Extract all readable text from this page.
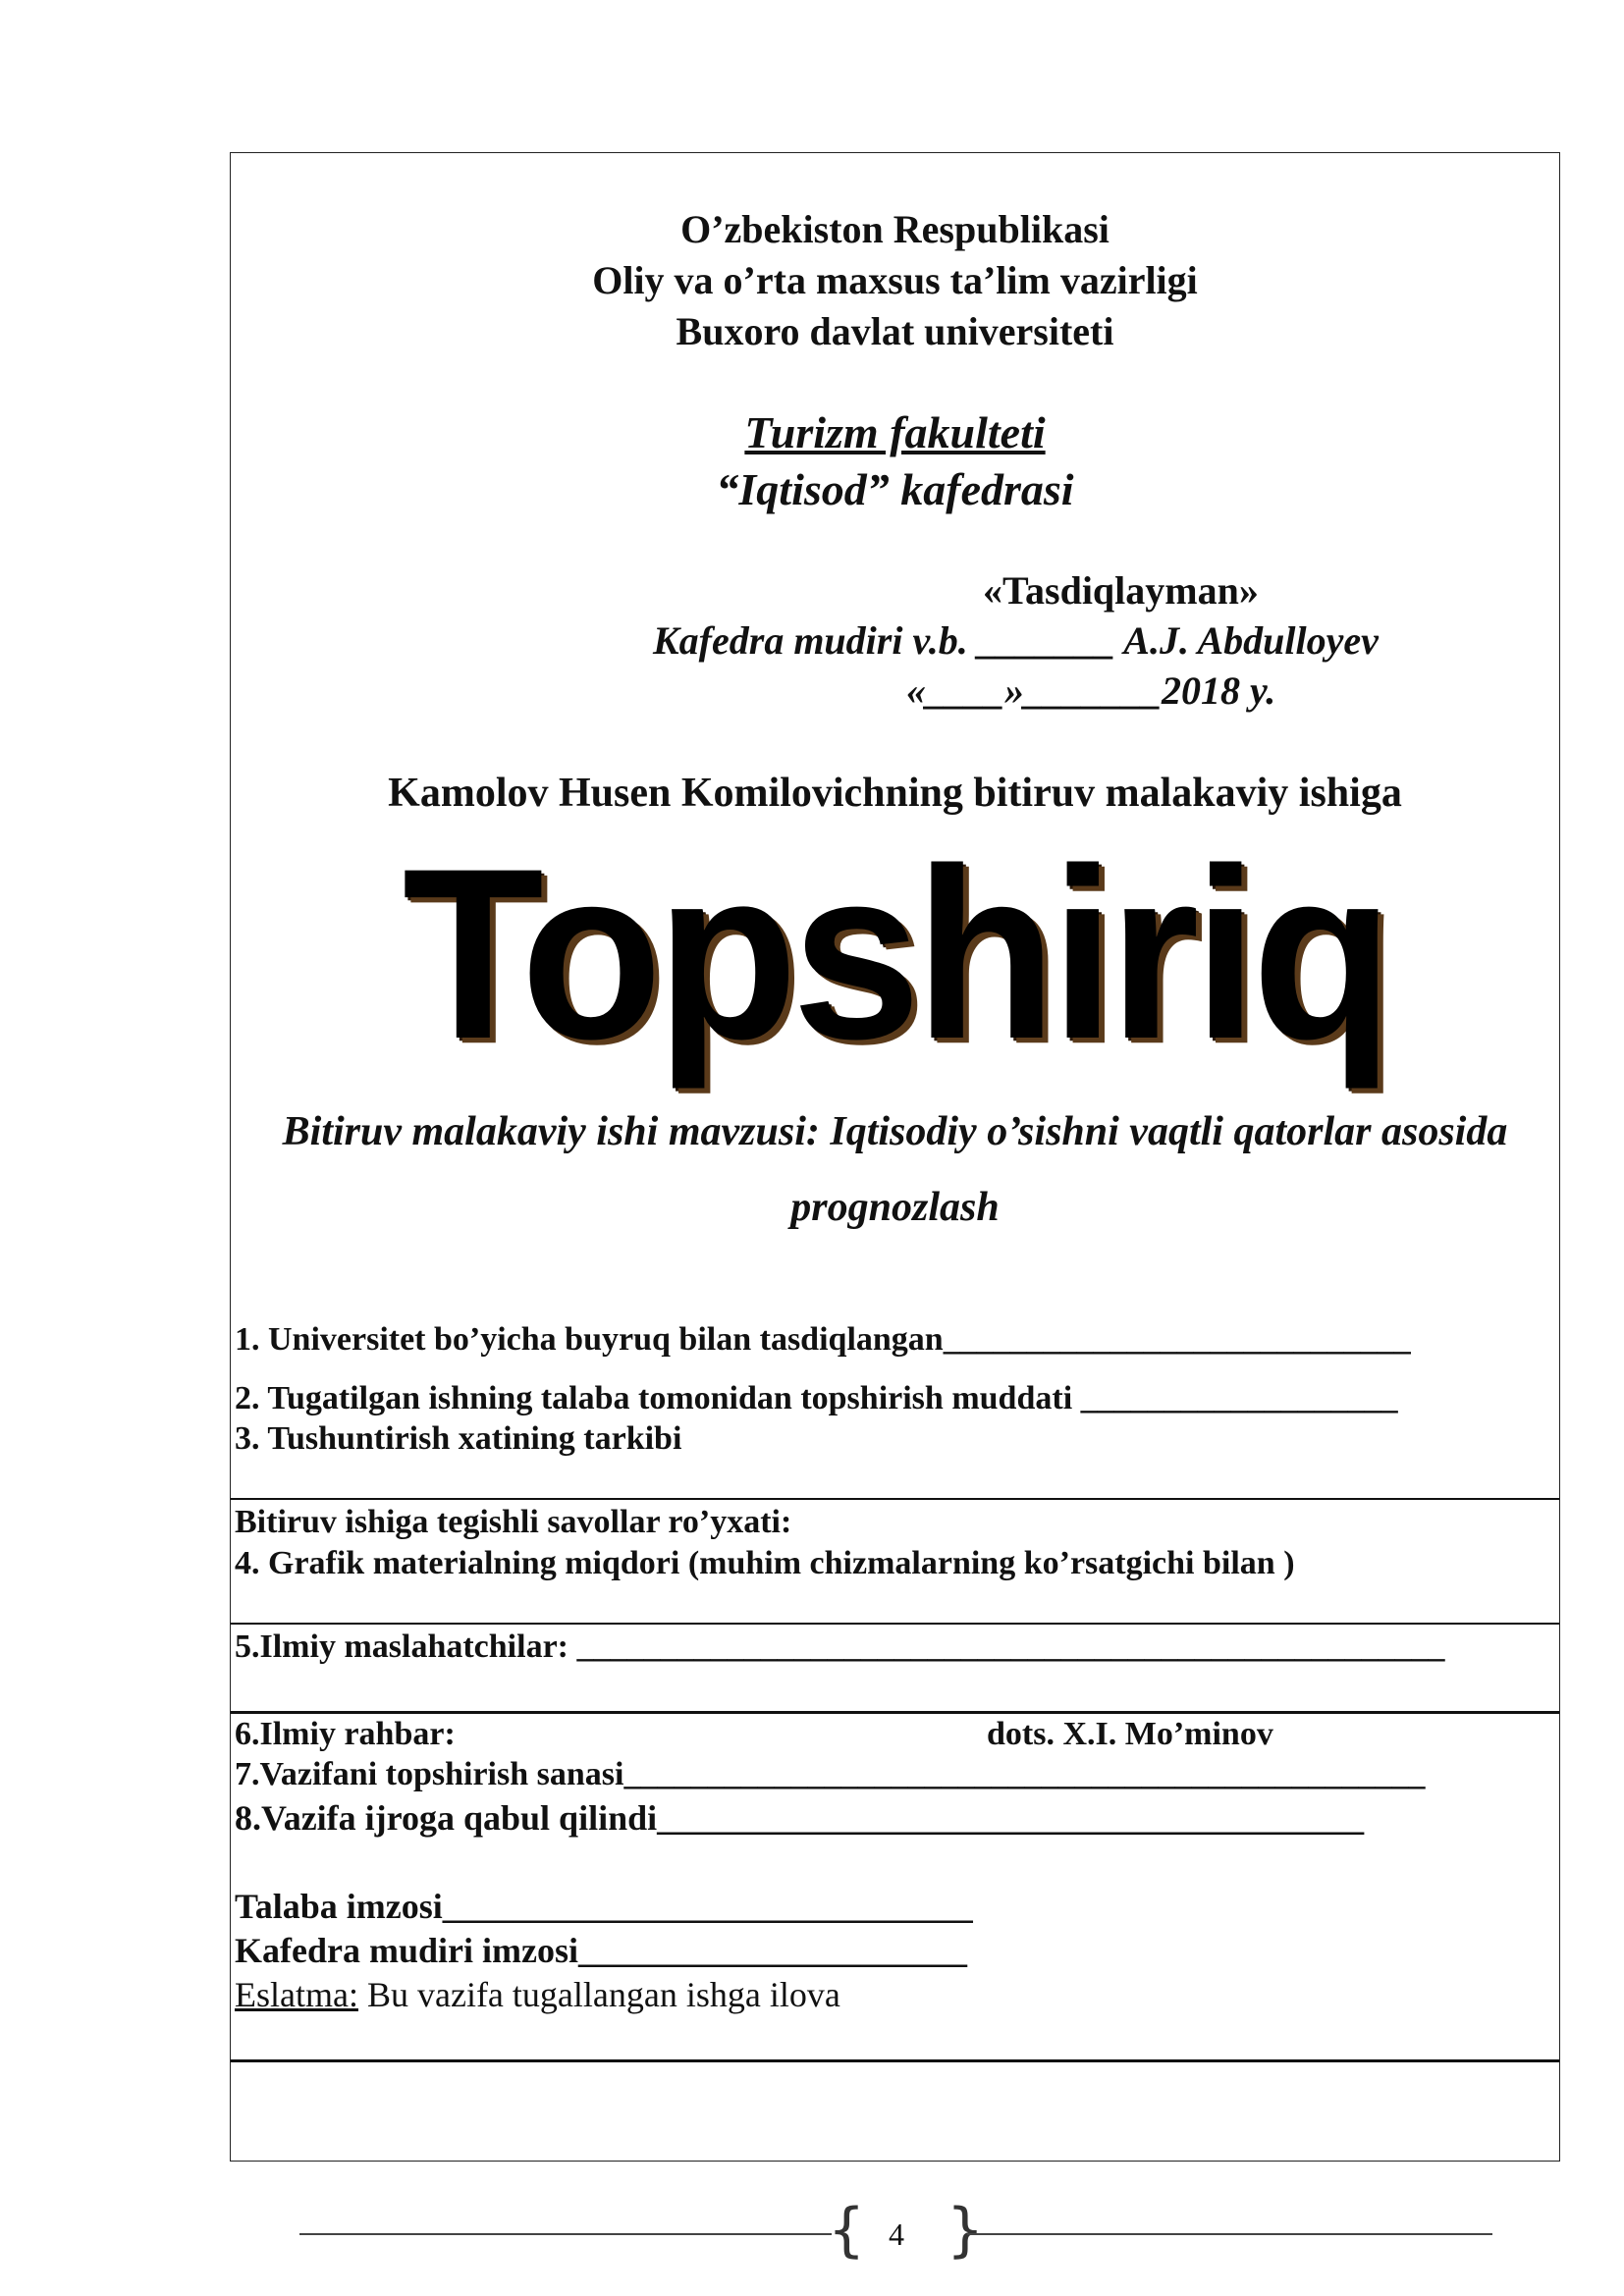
O’zbekiston Respublikasi
Oliy va o’rta maxsus ta’lim vazirligi
Buxoro davlat universiteti
Turizm fakulteti
“Iqtisod” kafedrasi
«Tasdiqlayman»
Kafedra mudiri v.b. _______ A.J. Abdulloyev
«____»_______2018 y.
Kamolov Husen Komilovichning bitiruv malakaviy ishiga
Topshiriq
Bitiruv malakaviy ishi mavzusi: Iqtisodiy o’sishni vaqtli qatorlar asosida
prognozlash
1. Universitet bo’yicha buyruq bilan tasdiqlangan____________________________
2. Tugatilgan ishning talaba tomonidan topshirish muddati ___________________
3. Tushuntirish xatining tarkibi
Bitiruv ishiga tegishli savollar ro’yxati:
4. Grafik materialning miqdori (muhim chizmalarning ko’rsatgichi bilan )
5.Ilmiy maslahatchilar: ____________________________________________________
6.Ilmiy rahbar:	dots. X.I. Mo’minov
7.Vazifani topshirish sanasi________________________________________________
8.Vazifa ijroga qabul qilindi________________________________________
Talaba imzosi______________________________
Kafedra mudiri imzosi______________________
Eslatma: Bu vazifa tugallangan ishga ilova
{ 4 }
